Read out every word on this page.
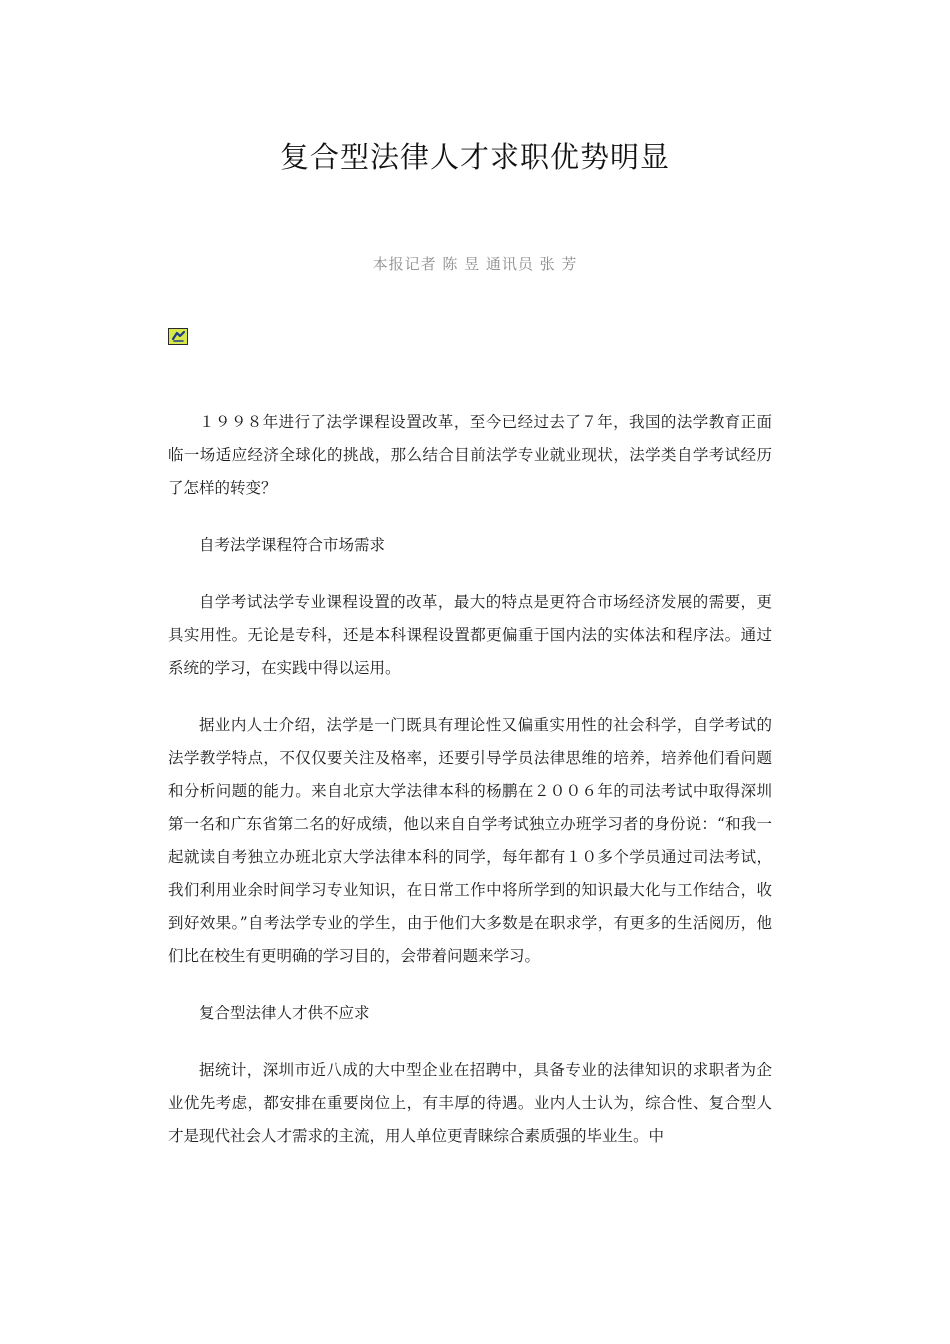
复合型法律人才求职优势明显
本报记者 陈 昱 通讯员 张 芳

１９９８年进行了法学课程设置改革，至今已经过去了７年，我国的法学教育正面临一场适应经济全球化的挑战，那么结合目前法学专业就业现状，法学类自学考试经历了怎样的转变？

自考法学课程符合市场需求

自学考试法学专业课程设置的改革，最大的特点是更符合市场经济发展的需要，更具实用性。无论是专科，还是本科课程设置都更偏重于国内法的实体法和程序法。通过系统的学习，在实践中得以运用。

据业内人士介绍，法学是一门既具有理论性又偏重实用性的社会科学，自学考试的法学教学特点，不仅仅要关注及格率，还要引导学员法律思维的培养，培养他们看问题和分析问题的能力。来自北京大学法律本科的杨鹏在２００６年的司法考试中取得深圳第一名和广东省第二名的好成绩，他以来自自学考试独立办班学习者的身份说：“和我一起就读自考独立办班北京大学法律本科的同学，每年都有１０多个学员通过司法考试，我们利用业余时间学习专业知识，在日常工作中将所学到的知识最大化与工作结合，收到好效果。”自考法学专业的学生，由于他们大多数是在职求学，有更多的生活阅历，他们比在校生有更明确的学习目的，会带着问题来学习。

复合型法律人才供不应求

据统计，深圳市近八成的大中型企业在招聘中，具备专业的法律知识的求职者为企业优先考虑，都安排在重要岗位上，有丰厚的待遇。业内人士认为，综合性、复合型人才是现代社会人才需求的主流，用人单位更青睐综合素质强的毕业生。中
